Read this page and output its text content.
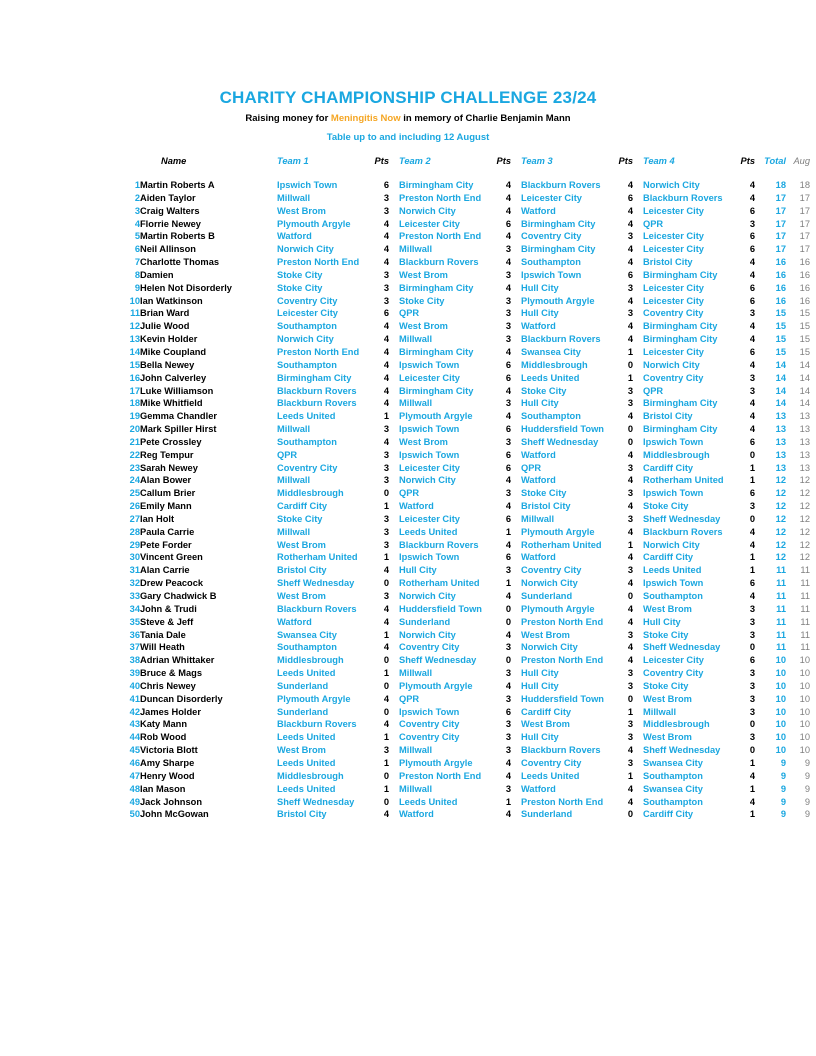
CHARITY CHAMPIONSHIP CHALLENGE 23/24
Raising money for Meningitis Now in memory of Charlie Benjamin Mann
Table up to and including 12 August
	Name	Team 1	Pts	Team 2	Pts	Team 3	Pts	Team 4	Pts	Total	Aug

1	Martin Roberts A	Ipswich Town	6	Birmingham City	4	Blackburn Rovers	4	Norwich City	4	18	18
2	Aiden Taylor	Millwall	3	Preston North End	4	Leicester City	6	Blackburn Rovers	4	17	17
3	Craig Walters	West Brom	3	Norwich City	4	Watford	4	Leicester City	6	17	17
4	Florrie Newey	Plymouth Argyle	4	Leicester City	6	Birmingham City	4	QPR	3	17	17
5	Martin Roberts B	Watford	4	Preston North End	4	Coventry City	3	Leicester City	6	17	17
6	Neil Allinson	Norwich City	4	Millwall	3	Birmingham City	4	Leicester City	6	17	17
7	Charlotte Thomas	Preston North End	4	Blackburn Rovers	4	Southampton	4	Bristol City	4	16	16
8	Damien	Stoke City	3	West Brom	3	Ipswich Town	6	Birmingham City	4	16	16
9	Helen Not Disorderly	Stoke City	3	Birmingham City	4	Hull City	3	Leicester City	6	16	16
10	Ian Watkinson	Coventry City	3	Stoke City	3	Plymouth Argyle	4	Leicester City	6	16	16
11	Brian Ward	Leicester City	6	QPR	3	Hull City	3	Coventry City	3	15	15
12	Julie Wood	Southampton	4	West Brom	3	Watford	4	Birmingham City	4	15	15
13	Kevin Holder	Norwich City	4	Millwall	3	Blackburn Rovers	4	Birmingham City	4	15	15
14	Mike Coupland	Preston North End	4	Birmingham City	4	Swansea City	1	Leicester City	6	15	15
15	Bella Newey	Southampton	4	Ipswich Town	6	Middlesbrough	0	Norwich City	4	14	14
16	John Calverley	Birmingham City	4	Leicester City	6	Leeds United	1	Coventry City	3	14	14
17	Luke Williamson	Blackburn Rovers	4	Birmingham City	4	Stoke City	3	QPR	3	14	14
18	Mike Whitfield	Blackburn Rovers	4	Millwall	3	Hull City	3	Birmingham City	4	14	14
19	Gemma Chandler	Leeds United	1	Plymouth Argyle	4	Southampton	4	Bristol City	4	13	13
20	Mark Spiller Hirst	Millwall	3	Ipswich Town	6	Huddersfield Town	0	Birmingham City	4	13	13
21	Pete Crossley	Southampton	4	West Brom	3	Sheff Wednesday	0	Ipswich Town	6	13	13
22	Reg Tempur	QPR	3	Ipswich Town	6	Watford	4	Middlesbrough	0	13	13
23	Sarah Newey	Coventry City	3	Leicester City	6	QPR	3	Cardiff City	1	13	13
24	Alan Bower	Millwall	3	Norwich City	4	Watford	4	Rotherham United	1	12	12
25	Callum Brier	Middlesbrough	0	QPR	3	Stoke City	3	Ipswich Town	6	12	12
26	Emily Mann	Cardiff City	1	Watford	4	Bristol City	4	Stoke City	3	12	12
27	Ian Holt	Stoke City	3	Leicester City	6	Millwall	3	Sheff Wednesday	0	12	12
28	Paula Carrie	Millwall	3	Leeds United	1	Plymouth Argyle	4	Blackburn Rovers	4	12	12
29	Pete Forder	West Brom	3	Blackburn Rovers	4	Rotherham United	1	Norwich City	4	12	12
30	Vincent Green	Rotherham United	1	Ipswich Town	6	Watford	4	Cardiff City	1	12	12
31	Alan Carrie	Bristol City	4	Hull City	3	Coventry City	3	Leeds United	1	11	11
32	Drew Peacock	Sheff Wednesday	0	Rotherham United	1	Norwich City	4	Ipswich Town	6	11	11
33	Gary Chadwick B	West Brom	3	Norwich City	4	Sunderland	0	Southampton	4	11	11
34	John & Trudi	Blackburn Rovers	4	Huddersfield Town	0	Plymouth Argyle	4	West Brom	3	11	11
35	Steve & Jeff	Watford	4	Sunderland	0	Preston North End	4	Hull City	3	11	11
36	Tania Dale	Swansea City	1	Norwich City	4	West Brom	3	Stoke City	3	11	11
37	Will Heath	Southampton	4	Coventry City	3	Norwich City	4	Sheff Wednesday	0	11	11
38	Adrian Whittaker	Middlesbrough	0	Sheff Wednesday	0	Preston North End	4	Leicester City	6	10	10
39	Bruce & Mags	Leeds United	1	Millwall	3	Hull City	3	Coventry City	3	10	10
40	Chris Newey	Sunderland	0	Plymouth Argyle	4	Hull City	3	Stoke City	3	10	10
41	Duncan Disorderly	Plymouth Argyle	4	QPR	3	Huddersfield Town	0	West Brom	3	10	10
42	James Holder	Sunderland	0	Ipswich Town	6	Cardiff City	1	Millwall	3	10	10
43	Katy Mann	Blackburn Rovers	4	Coventry City	3	West Brom	3	Middlesbrough	0	10	10
44	Rob Wood	Leeds United	1	Coventry City	3	Hull City	3	West Brom	3	10	10
45	Victoria Blott	West Brom	3	Millwall	3	Blackburn Rovers	4	Sheff Wednesday	0	10	10
46	Amy Sharpe	Leeds United	1	Plymouth Argyle	4	Coventry City	3	Swansea City	1	9	9
47	Henry Wood	Middlesbrough	0	Preston North End	4	Leeds United	1	Southampton	4	9	9
48	Ian Mason	Leeds United	1	Millwall	3	Watford	4	Swansea City	1	9	9
49	Jack Johnson	Sheff Wednesday	0	Leeds United	1	Preston North End	4	Southampton	4	9	9
50	John McGowan	Bristol City	4	Watford	4	Sunderland	0	Cardiff City	1	9	9
